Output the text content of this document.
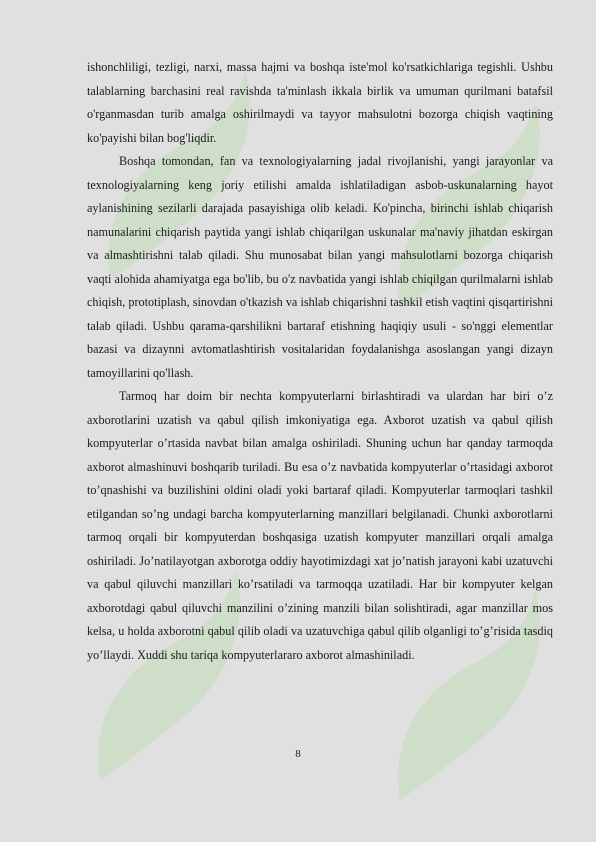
ishonchliligi, tezligi, narxi, massa hajmi va boshqa iste'mol ko'rsatkichlariga tegishli. Ushbu talablarning barchasini real ravishda ta'minlash ikkala birlik va umuman qurilmani batafsil o'rganmasdan turib amalga oshirilmaydi va tayyor mahsulotni bozorga chiqish vaqtining ko'payishi bilan bog'liqdir.

Boshqa tomondan, fan va texnologiyalarning jadal rivojlanishi, yangi jarayonlar va texnologiyalarning keng joriy etilishi amalda ishlatiladigan asbob-uskunalarning hayot aylanishining sezilarli darajada pasayishiga olib keladi. Ko'pincha, birinchi ishlab chiqarish namunalarini chiqarish paytida yangi ishlab chiqarilgan uskunalar ma'naviy jihatdan eskirgan va almashtirishni talab qiladi. Shu munosabat bilan yangi mahsulotlarni bozorga chiqarish vaqti alohida ahamiyatga ega bo'lib, bu o'z navbatida yangi ishlab chiqilgan qurilmalarni ishlab chiqish, prototiplash, sinovdan o'tkazish va ishlab chiqarishni tashkil etish vaqtini qisqartirishni talab qiladi. Ushbu qarama-qarshilikni bartaraf etishning haqiqiy usuli - so'nggi elementlar bazasi va dizaynni avtomatlashtirish vositalaridan foydalanishga asoslangan yangi dizayn tamoyillarini qo'llash.

Tarmoq har doim bir nechta kompyuterlarni birlashtiradi va ulardan har biri o’z axborotlarini uzatish va qabul qilish imkoniyatiga ega. Axborot uzatish va qabul qilish kompyuterlar o’rtasida navbat bilan amalga oshiriladi. Shuning uchun har qanday tarmoqda axborot almashinuvi boshqarib turiladi. Bu esa o’z navbatida kompyuterlar o’rtasidagi axborot to’qnashishi va buzilishini oldini oladi yoki bartaraf qiladi. Kompyuterlar tarmoqlari tashkil etilgandan so’ng undagi barcha kompyuterlarning manzillari belgilanadi. Chunki axborotlarni tarmoq orqali bir kompyuterdan boshqasiga uzatish kompyuter manzillari orqali amalga oshiriladi. Jo’natilayotgan axborotga oddiy hayotimizdagi xat jo’natish jarayoni kabi uzatuvchi va qabul qiluvchi manzillari ko’rsatiladi va tarmoqqa uzatiladi. Har bir kompyuter kelgan axborotdagi qabul qiluvchi manzilini o’zining manzili bilan solishtiradi, agar manzillar mos kelsa, u holda axborotni qabul qilib oladi va uzatuvchiga qabul qilib olganligi to’g’risida tasdiq yo’llaydi. Xuddi shu tariqa kompyuterlararo axborot almashiniladi.

8
